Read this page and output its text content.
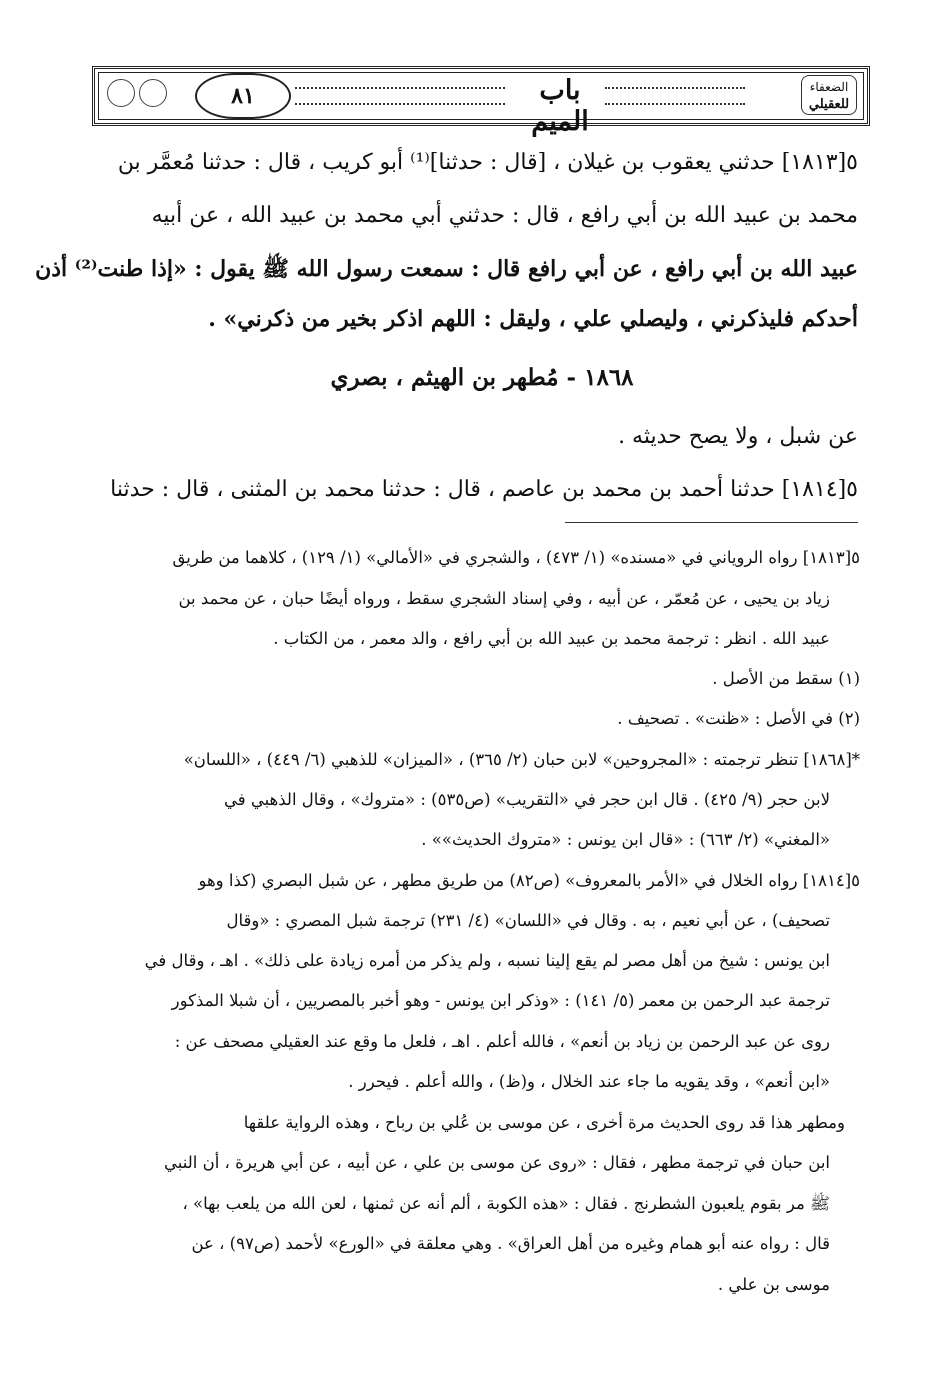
٨١	باب الميم
الضعفاء
للعقيلي
٥[١٨١٣] حدثني يعقوب بن غيلان ، [قال : حدثنا]⁽¹⁾ أبو كريب ، قال : حدثنا مُعمَّر بن
محمد بن عبيد الله بن أبي رافع ، قال : حدثني أبي محمد بن عبيد الله ، عن أبيه
عبيد الله بن أبي رافع ، عن أبي رافع قال : سمعت رسول الله ﷺ يقول : «إذا طنت⁽²⁾ أذن
أحدكم فليذكرني ، وليصلي علي ، وليقل : اللهم اذكر بخير من ذكرني» .
١٨٦٨ - مُطهر بن الهيثم ، بصري
عن شبل ، ولا يصح حديثه .
٥[١٨١٤] حدثنا أحمد بن محمد بن عاصم ، قال : حدثنا محمد بن المثنى ، قال : حدثنا
٥[١٨١٣] رواه الروياني في «مسنده» (١/ ٤٧٣) ، والشجري في «الأمالي» (١/ ١٢٩) ، كلاهما من طريق
زياد بن يحيى ، عن مُعمّر ، عن أبيه ، وفي إسناد الشجري سقط ، ورواه أيضًا حبان ، عن محمد بن
عبيد الله . انظر : ترجمة محمد بن عبيد الله بن أبي رافع ، والد معمر ، من الكتاب .
(١) سقط من الأصل .
(٢) في الأصل : «ظنت» . تصحيف .
*[١٨٦٨] تنظر ترجمته : «المجروحين» لابن حبان (٢/ ٣٦٥) ، «الميزان» للذهبي (٦/ ٤٤٩) ، «اللسان»
لابن حجر (٩/ ٤٢٥) . قال ابن حجر في «التقريب» (ص٥٣٥) : «متروك» ، وقال الذهبي في
«المغني» (٢/ ٦٦٣) : «قال ابن يونس : «متروك الحديث»» .
٥[١٨١٤] رواه الخلال في «الأمر بالمعروف» (ص٨٢) من طريق مطهر ، عن شبل البصري (كذا وهو
تصحيف) ، عن أبي نعيم ، به . وقال في «اللسان» (٤/ ٢٣١) ترجمة شبل المصري : «وقال
ابن يونس : شيخ من أهل مصر لم يقع إلينا نسبه ، ولم يذكر من أمره زيادة على ذلك» . اهـ ، وقال في
ترجمة عبد الرحمن بن معمر (٥/ ١٤١) : «وذكر ابن يونس - وهو أخبر بالمصريين ، أن شبلا المذكور
روى عن عبد الرحمن بن زياد بن أنعم» ، فالله أعلم . اهـ ، فلعل ما وقع عند العقيلي مصحف عن :
«ابن أنعم» ، وقد يقويه ما جاء عند الخلال ، و(ظ) ، والله أعلم . فيحرر .
ومطهر هذا قد روى الحديث مرة أخرى ، عن موسى بن عُلي بن رباح ، وهذه الرواية علقها
ابن حبان في ترجمة مطهر ، فقال : «روى عن موسى بن علي ، عن أبيه ، عن أبي هريرة ، أن النبي
ﷺ مر بقوم يلعبون الشطرنج . فقال : «هذه الكوبة ، ألم أنه عن ثمنها ، لعن الله من يلعب بها» ،
قال : رواه عنه أبو همام وغيره من أهل العراق» . وهي معلقة في «الورع» لأحمد (ص٩٧) ، عن
موسى بن علي .
